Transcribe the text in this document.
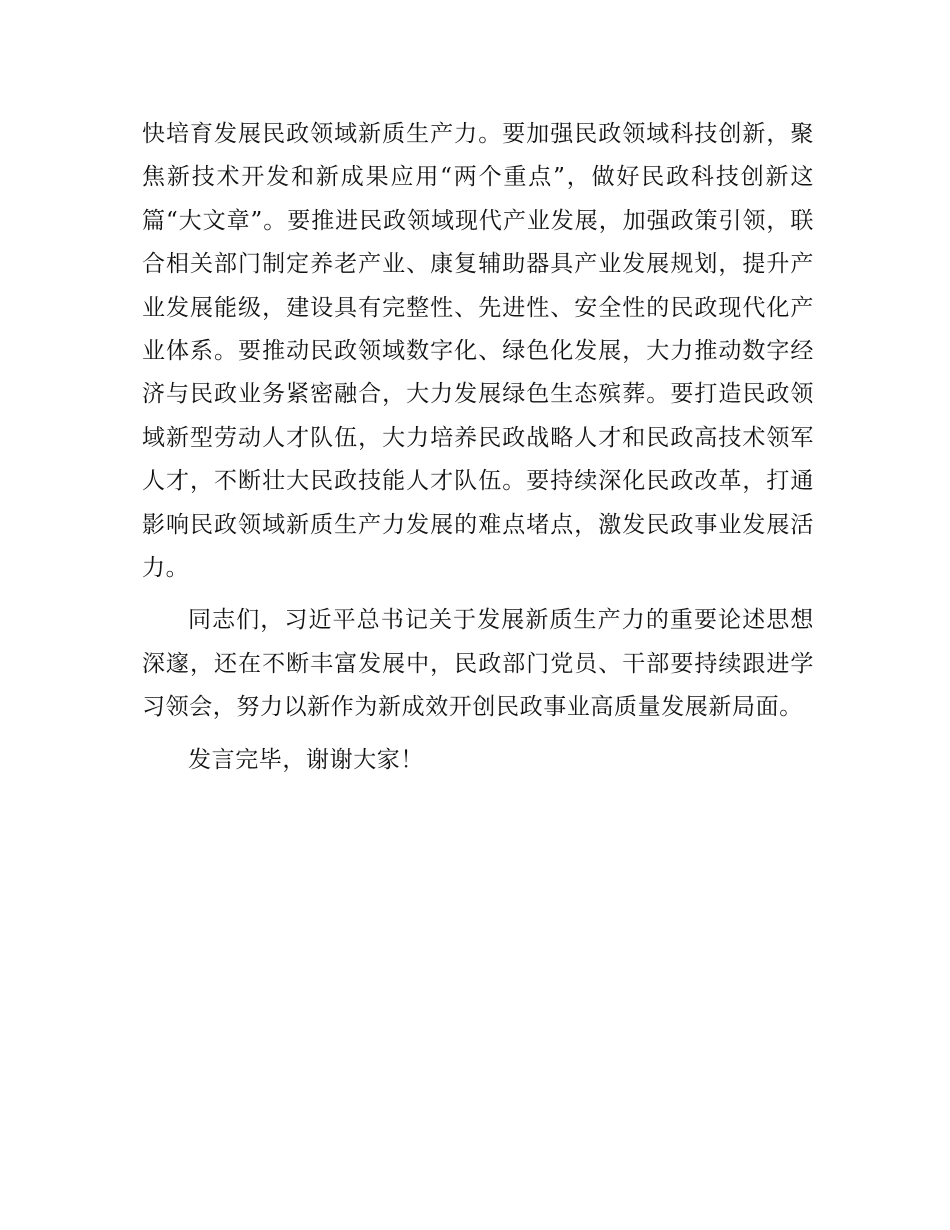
快培育发展民政领域新质生产力。要加强民政领域科技创新，聚焦新技术开发和新成果应用“两个重点”，做好民政科技创新这篇“大文章”。要推进民政领域现代产业发展，加强政策引领，联合相关部门制定养老产业、康复辅助器具产业发展规划，提升产业发展能级，建设具有完整性、先进性、安全性的民政现代化产业体系。要推动民政领域数字化、绿色化发展，大力推动数字经济与民政业务紧密融合，大力发展绿色生态殡葬。要打造民政领域新型劳动人才队伍，大力培养民政战略人才和民政高技术领军人才，不断壮大民政技能人才队伍。要持续深化民政改革，打通影响民政领域新质生产力发展的难点堵点，激发民政事业发展活力。

同志们，习近平总书记关于发展新质生产力的重要论述思想深邃，还在不断丰富发展中，民政部门党员、干部要持续跟进学习领会，努力以新作为新成效开创民政事业高质量发展新局面。

发言完毕，谢谢大家！
